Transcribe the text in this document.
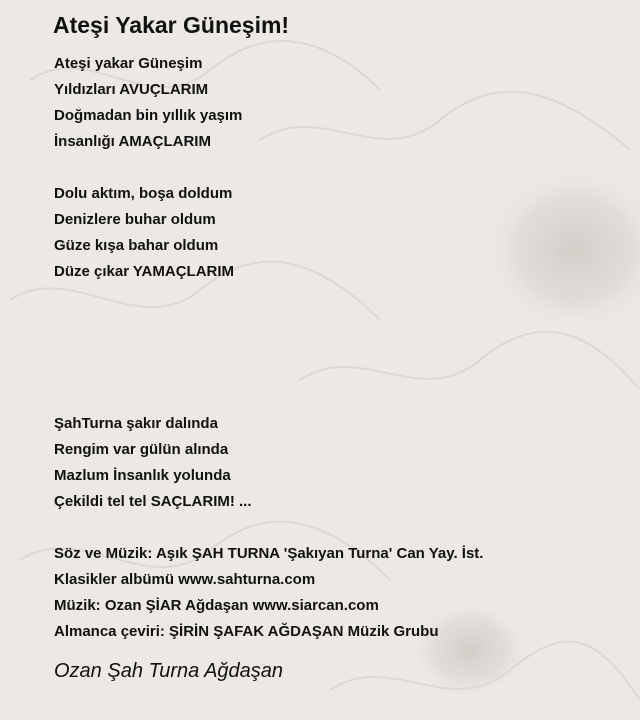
Ateşi Yakar Güneşim!
Ateşi yakar Güneşim
Yıldızları AVUÇLARIM
Doğmadan bin yıllık yaşım
İnsanlığı AMAÇLARIM
Dolu aktım, boşa doldum
Denizlere buhar oldum
Güze kışa bahar oldum
Düze çıkar YAMAÇLARIM
ŞahTurna şakır dalında
Rengim var gülün alında
Mazlum İnsanlık yolunda
Çekildi tel tel SAÇLARIM! ...
Söz ve Müzik: Aşık ŞAH TURNA 'Şakıyan Turna' Can Yay. İst.
Klasikler albümü www.sahturna.com
Müzik: Ozan ŞİAR Ağdaşan www.siarcan.com
Almanca çeviri: ŞİRİN ŞAFAK AĞDAŞAN Müzik Grubu
Ozan Şah Turna Ağdaşan
